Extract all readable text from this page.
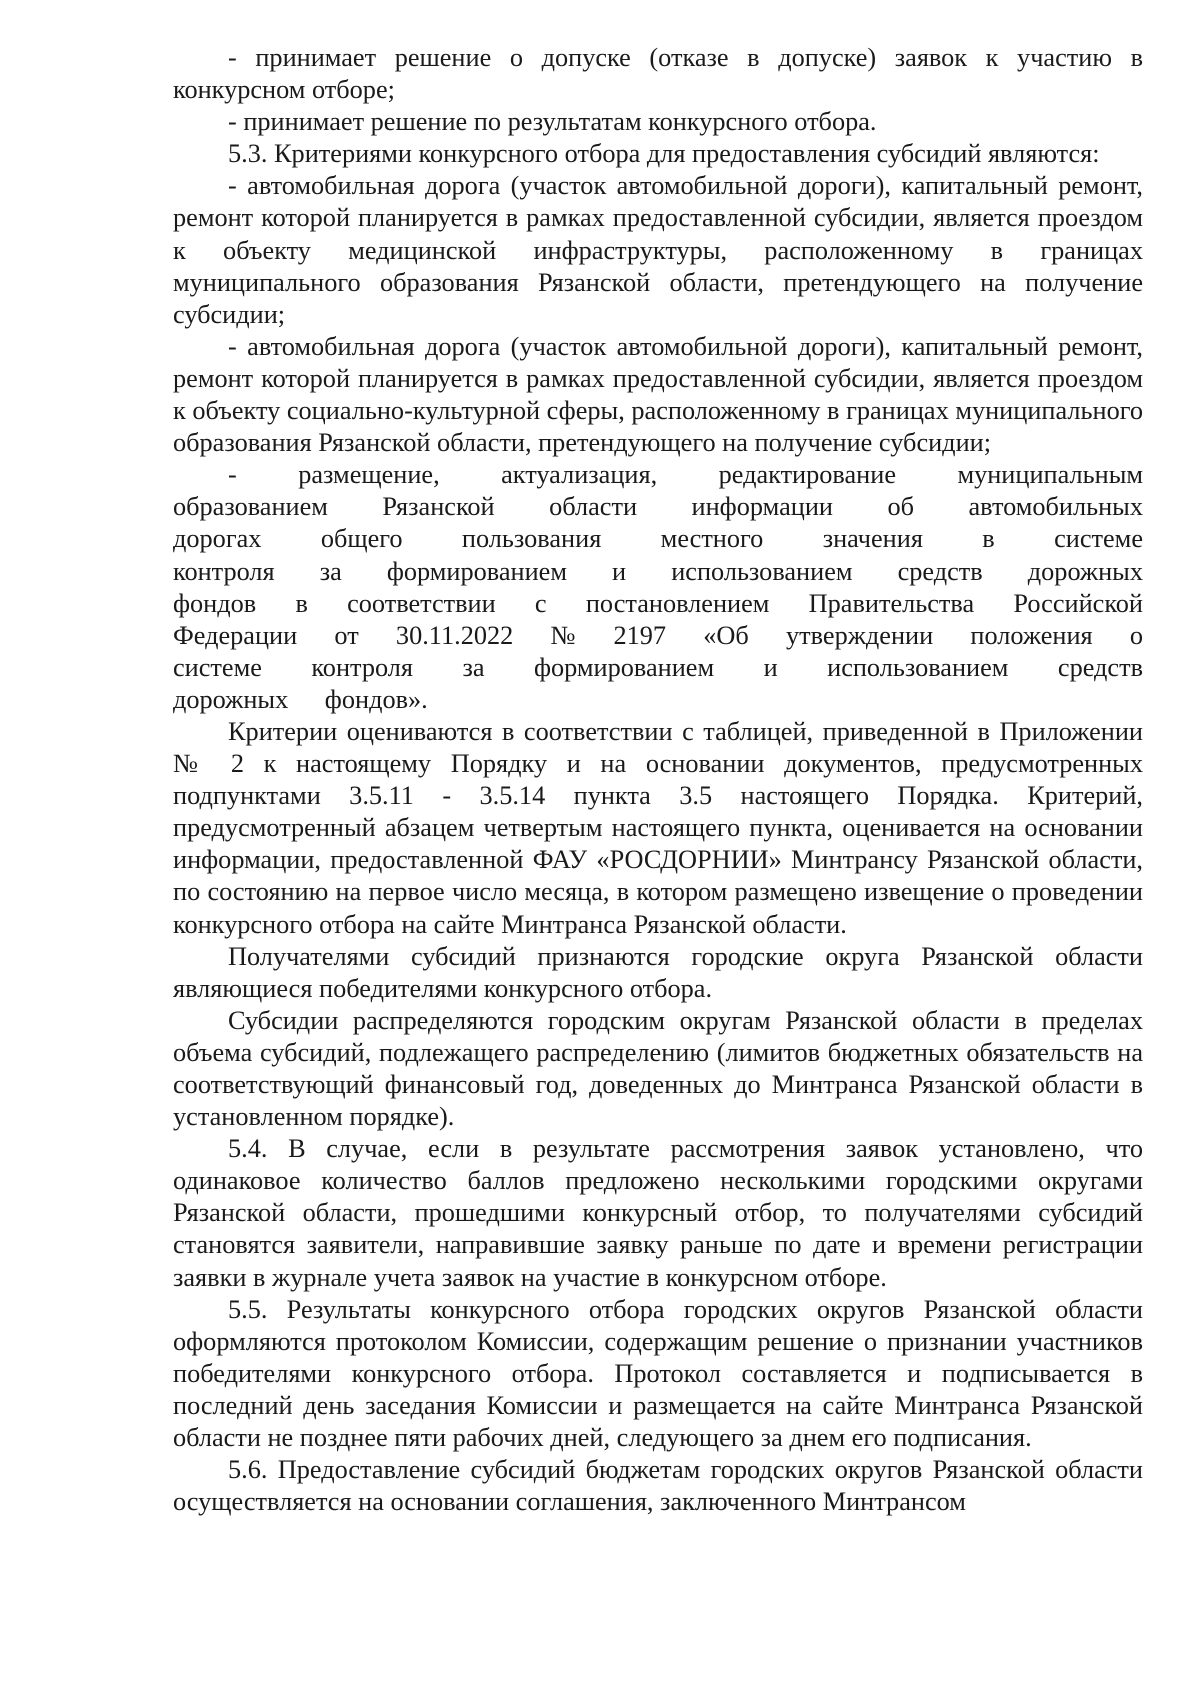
- принимает решение о допуске (отказе в допуске) заявок к участию в конкурсном отборе;

- принимает решение по результатам конкурсного отбора.

5.3. Критериями конкурсного отбора для предоставления субсидий являются:

- автомобильная дорога (участок автомобильной дороги), капитальный ремонт, ремонт которой планируется в рамках предоставленной субсидии, является проездом к объекту медицинской инфраструктуры, расположенному в границах муниципального образования Рязанской области, претендующего на получение субсидии;

- автомобильная дорога (участок автомобильной дороги), капитальный ремонт, ремонт которой планируется в рамках предоставленной субсидии, является проездом к объекту социально-культурной сферы, расположенному в границах муниципального образования Рязанской области, претендующего на получение субсидии;

- размещение, актуализация, редактирование муниципальным образованием Рязанской области информации об автомобильных дорогах общего пользования местного значения в системе контроля за формированием и использованием средств дорожных фондов в соответствии с постановлением Правительства Российской Федерации от 30.11.2022 № 2197 «Об утверждении положения о системе контроля за формированием и использованием средств дорожных фондов».

Критерии оцениваются в соответствии с таблицей, приведенной в Приложении № 2 к настоящему Порядку и на основании документов, предусмотренных подпунктами 3.5.11 - 3.5.14 пункта 3.5 настоящего Порядка. Критерий, предусмотренный абзацем четвертым настоящего пункта, оценивается на основании информации, предоставленной ФАУ «РОСДОРНИИ» Минтрансу Рязанской области, по состоянию на первое число месяца, в котором размещено извещение о проведении конкурсного отбора на сайте Минтранса Рязанской области.

Получателями субсидий признаются городские округа Рязанской области являющиеся победителями конкурсного отбора.

Субсидии распределяются городским округам Рязанской области в пределах объема субсидий, подлежащего распределению (лимитов бюджетных обязательств на соответствующий финансовый год, доведенных до Минтранса Рязанской области в установленном порядке).

5.4. В случае, если в результате рассмотрения заявок установлено, что одинаковое количество баллов предложено несколькими городскими округами Рязанской области, прошедшими конкурсный отбор, то получателями субсидий становятся заявители, направившие заявку раньше по дате и времени регистрации заявки в журнале учета заявок на участие в конкурсном отборе.

5.5. Результаты конкурсного отбора городских округов Рязанской области оформляются протоколом Комиссии, содержащим решение о признании участников победителями конкурсного отбора. Протокол составляется и подписывается в последний день заседания Комиссии и размещается на сайте Минтранса Рязанской области не позднее пяти рабочих дней, следующего за днем его подписания.

5.6. Предоставление субсидий бюджетам городских округов Рязанской области осуществляется на основании соглашения, заключенного Минтрансом
